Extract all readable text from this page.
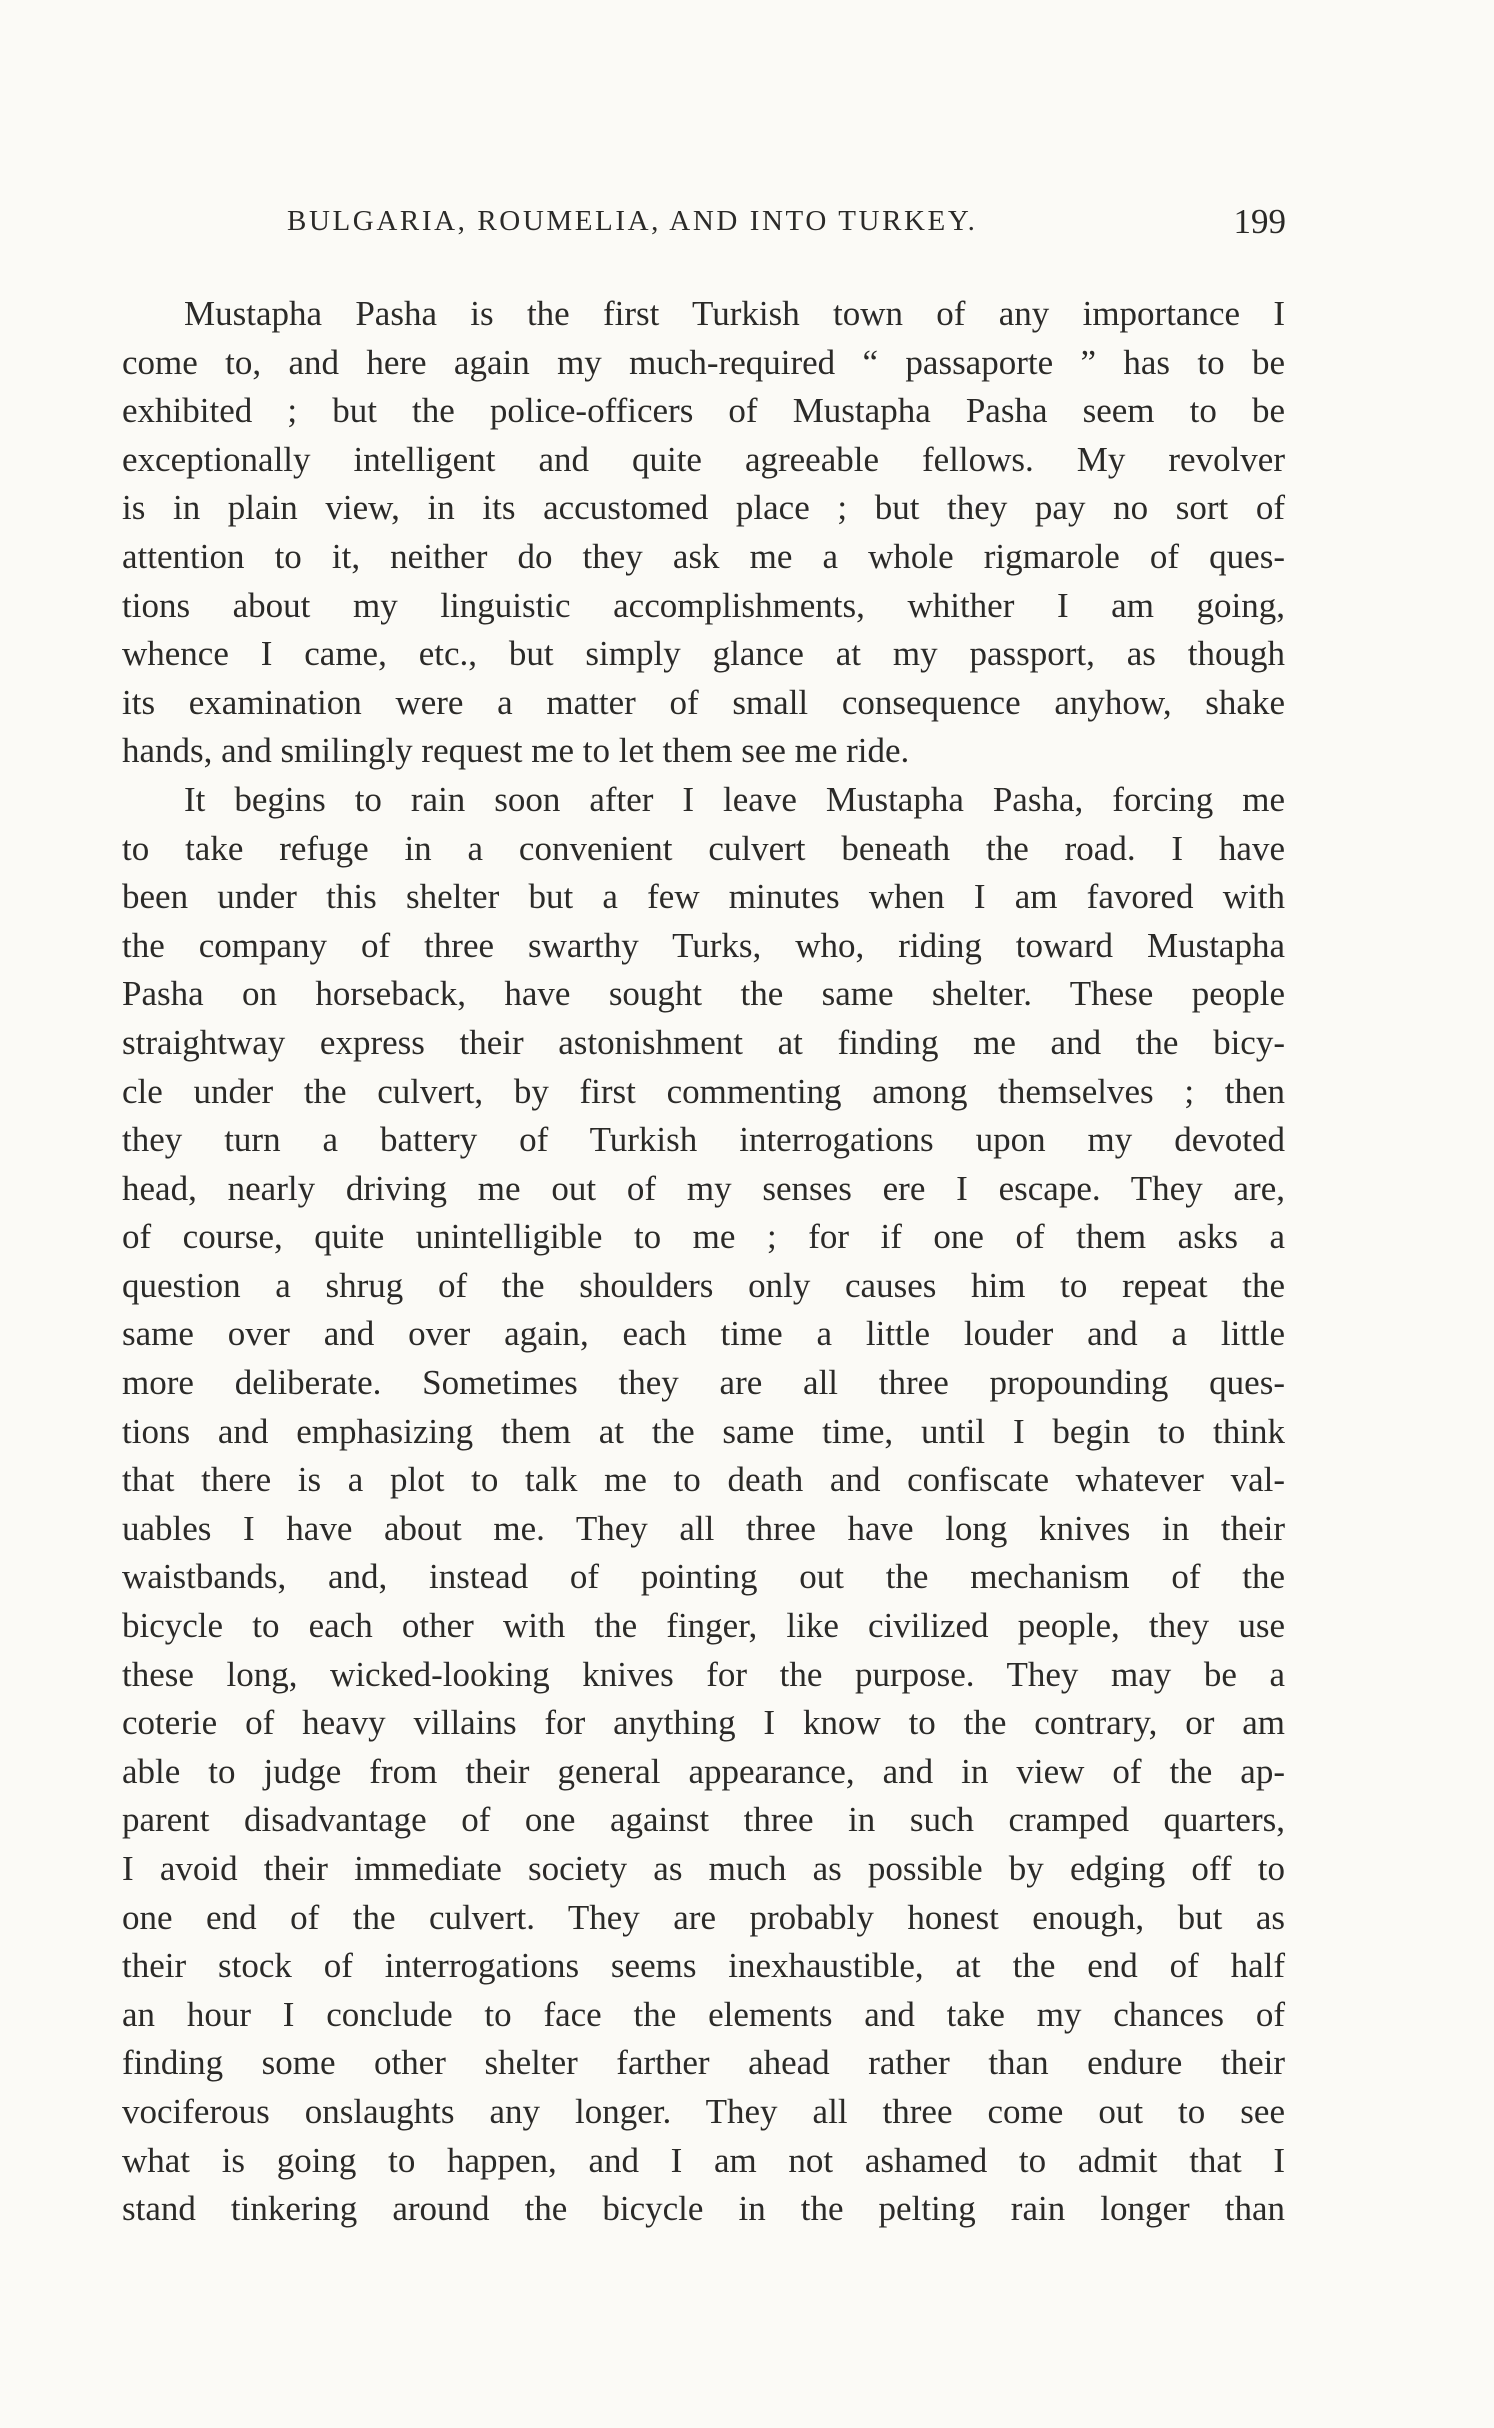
BULGARIA, ROUMELIA, AND INTO TURKEY.	199
Mustapha Pasha is the first Turkish town of any importance I
come to, and here again my much-required “ passaporte ” has to be
exhibited ; but the police-officers of Mustapha Pasha seem to be
exceptionally intelligent and quite agreeable fellows. My revolver
is in plain view, in its accustomed place ; but they pay no sort of
attention to it, neither do they ask me a whole rigmarole of ques-
tions about my linguistic accomplishments, whither I am going,
whence I came, etc., but simply glance at my passport, as though
its examination were a matter of small consequence anyhow, shake
hands, and smilingly request me to let them see me ride.
It begins to rain soon after I leave Mustapha Pasha, forcing me
to take refuge in a convenient culvert beneath the road. I have
been under this shelter but a few minutes when I am favored with
the company of three swarthy Turks, who, riding toward Mustapha
Pasha on horseback, have sought the same shelter. These people
straightway express their astonishment at finding me and the bicy-
cle under the culvert, by first commenting among themselves ; then
they turn a battery of Turkish interrogations upon my devoted
head, nearly driving me out of my senses ere I escape. They are,
of course, quite unintelligible to me ; for if one of them asks a
question a shrug of the shoulders only causes him to repeat the
same over and over again, each time a little louder and a little
more deliberate. Sometimes they are all three propounding ques-
tions and emphasizing them at the same time, until I begin to think
that there is a plot to talk me to death and confiscate whatever val-
uables I have about me. They all three have long knives in their
waistbands, and, instead of pointing out the mechanism of the
bicycle to each other with the finger, like civilized people, they use
these long, wicked-looking knives for the purpose. They may be a
coterie of heavy villains for anything I know to the contrary, or am
able to judge from their general appearance, and in view of the ap-
parent disadvantage of one against three in such cramped quarters,
I avoid their immediate society as much as possible by edging off to
one end of the culvert. They are probably honest enough, but as
their stock of interrogations seems inexhaustible, at the end of half
an hour I conclude to face the elements and take my chances of
finding some other shelter farther ahead rather than endure their
vociferous onslaughts any longer. They all three come out to see
what is going to happen, and I am not ashamed to admit that I
stand tinkering around the bicycle in the pelting rain longer than
